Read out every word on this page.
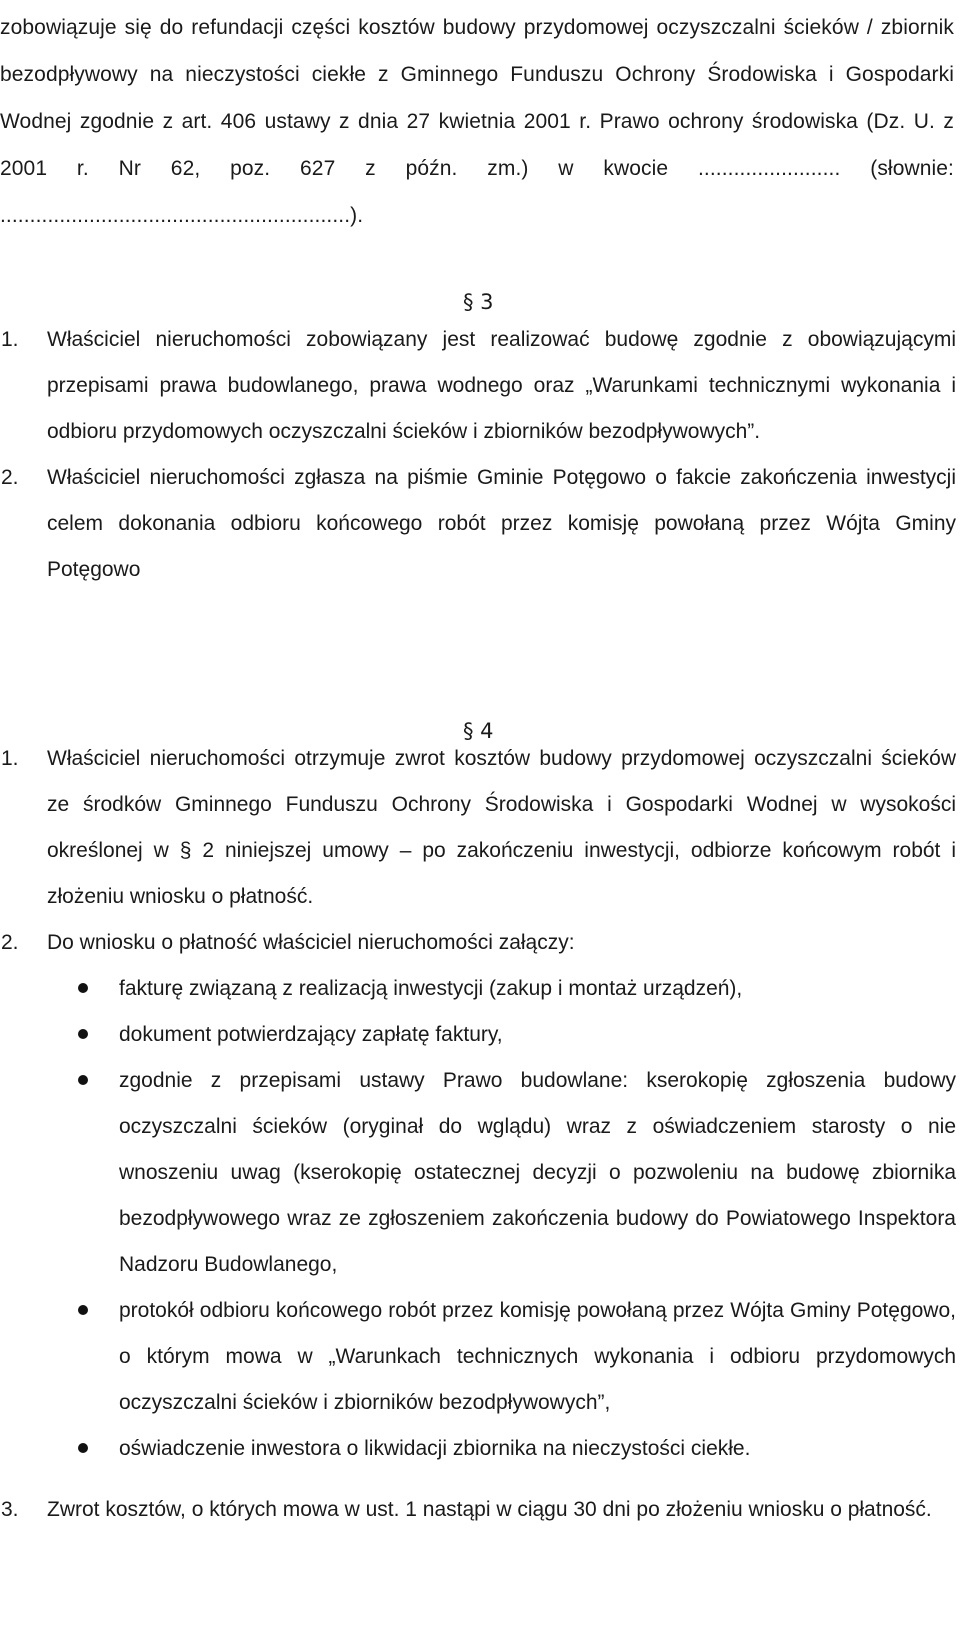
zobowiązuje się do refundacji części kosztów budowy przydomowej oczyszczalni ścieków / zbiornik bezodpływowy na nieczystości ciekłe z Gminnego Funduszu Ochrony Środowiska i Gospodarki Wodnej zgodnie z art. 406 ustawy z dnia 27 kwietnia 2001 r. Prawo ochrony środowiska (Dz. U. z 2001 r. Nr 62, poz. 627 z późn. zm.) w kwocie ........................ (słownie: ...........................................................).

§ 3
1. Właściciel nieruchomości zobowiązany jest realizować budowę zgodnie z obowiązującymi przepisami prawa budowlanego, prawa wodnego oraz „Warunkami technicznymi wykonania i odbioru przydomowych oczyszczalni ścieków i zbiorników bezodpływowych”.
2. Właściciel nieruchomości zgłasza na piśmie Gminie Potęgowo o fakcie zakończenia inwestycji celem dokonania odbioru końcowego robót przez komisję powołaną przez Wójta Gminy Potęgowo
§ 4
1. Właściciel nieruchomości otrzymuje zwrot kosztów budowy przydomowej oczyszczalni ścieków ze środków Gminnego Funduszu Ochrony Środowiska i Gospodarki Wodnej w wysokości określonej w § 2 niniejszej umowy – po zakończeniu inwestycji, odbiorze końcowym robót i złożeniu wniosku o płatność.
2. Do wniosku o płatność właściciel nieruchomości załączy:
fakturę związaną z realizacją inwestycji (zakup i montaż urządzeń),
dokument potwierdzający zapłatę faktury,
zgodnie z przepisami ustawy Prawo budowlane: kserokopię zgłoszenia budowy oczyszczalni ścieków (oryginał do wglądu) wraz z oświadczeniem starosty o nie wnoszeniu uwag (kserokopię ostatecznej decyzji o pozwoleniu na budowę zbiornika bezodpływowego wraz ze zgłoszeniem zakończenia budowy do Powiatowego Inspektora Nadzoru Budowlanego,
protokół odbioru końcowego robót przez komisję powołaną przez Wójta Gminy Potęgowo, o którym mowa w „Warunkach technicznych wykonania i odbioru przydomowych oczyszczalni ścieków i zbiorników bezodpływowych”,
oświadczenie inwestora o likwidacji zbiornika na nieczystości ciekłe.
3. Zwrot kosztów, o których mowa w ust. 1 nastąpi w ciągu 30 dni po złożeniu wniosku o płatność.
